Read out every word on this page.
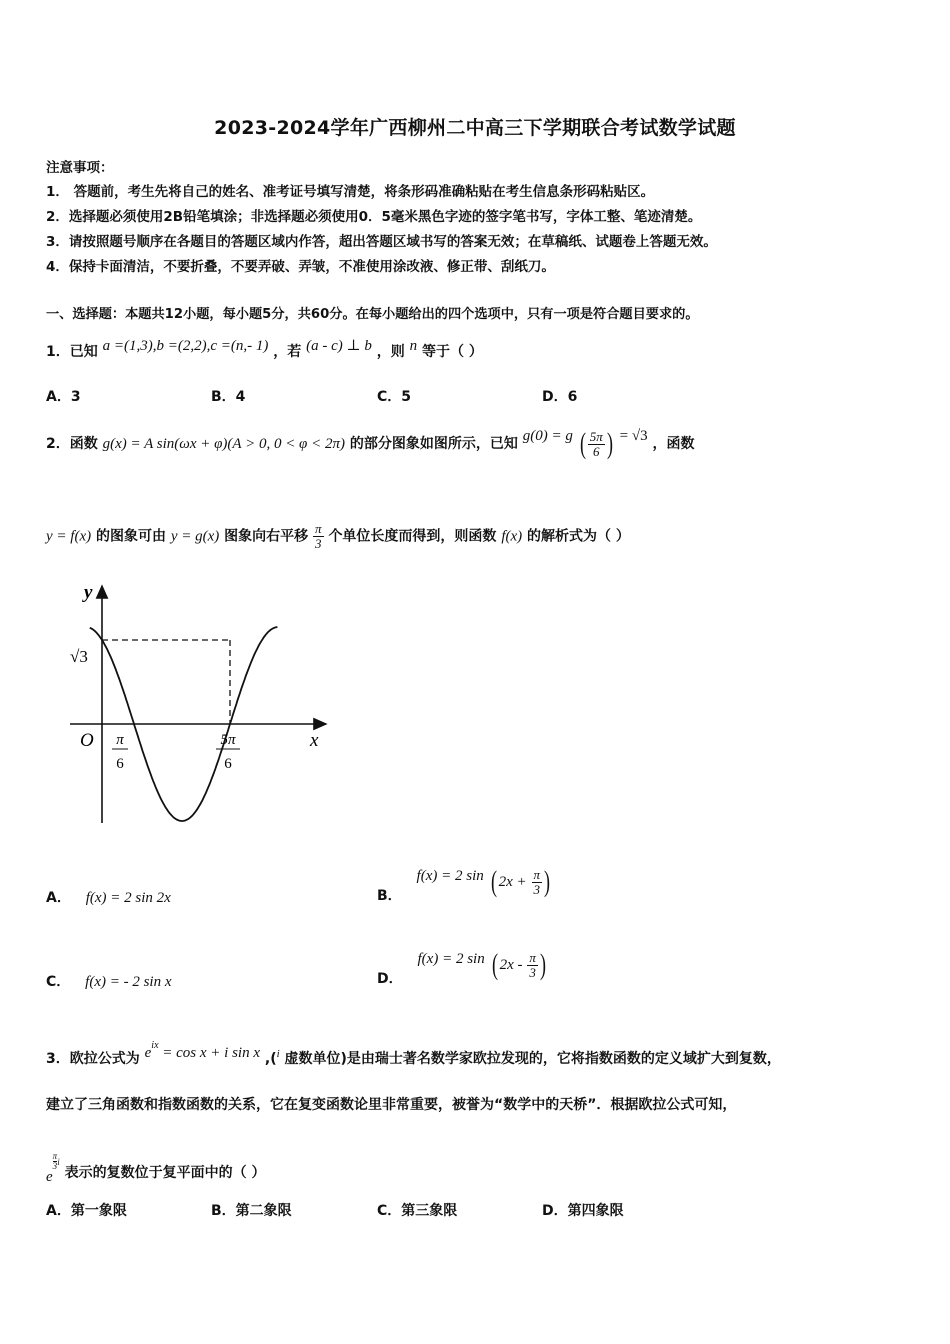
2023-2024学年广西柳州二中高三下学期联合考试数学试题
注意事项：
1． 答题前，考生先将自己的姓名、准考证号填写清楚，将条形码准确粘贴在考生信息条形码粘贴区。
2．选择题必须使用2B铅笔填涂；非选择题必须使用0．5毫米黑色字迹的签字笔书写，字体工整、笔迹清楚。
3．请按照题号顺序在各题目的答题区域内作答，超出答题区域书写的答案无效；在草稿纸、试题卷上答题无效。
4．保持卡面清洁，不要折叠，不要弄破、弄皱，不准使用涂改液、修正带、刮纸刀。
一、选择题：本题共12小题，每小题5分，共60分。在每小题给出的四个选项中，只有一项是符合题目要求的。
1．已知 a =(1,3),b =(2,2),c =(n,- 1) ，若 (a - c) ⊥ b ，则 n 等于（ ）
A．3	B．4	C．5	D．6
2．函数 g(x) = A sin(ωx + φ)(A > 0, 0 < φ < 2π) 的部分图象如图所示，已知 g(0) = g ( $\frac{5\pi}{6}$ ) = √3 ，函数
y = f(x) 的图象可由 y = g(x) 图象向右平移 $\frac{\pi}{3}$ 个单位长度而得到，则函数 f(x) 的解析式为（ ）
y
x
O
√3
π
6
5π
6
A． f(x) = 2 sin 2x	B． f(x) = 2 sin ( $2x + \frac{\pi}{3}$ )
C． f(x) = - 2 sin x	D． f(x) = 2 sin ( $2x - \frac{\pi}{3}$ )
3．欧拉公式为 $e^{ix} = \cos x + i$ sin x ,($^i$ 虚数单位)是由瑞士著名数学家欧拉发现的，它将指数函数的定义域扩大到复数，
建立了三角函数和指数函数的关系，它在复变函数论里非常重要，被誉为“数学中的天桥”．根据欧拉公式可知，
e
$\frac{\pi}{3} ^i$ 表示的复数位于复平面中的（ ）
A．第一象限	B．第二象限	C．第三象限	D．第四象限
